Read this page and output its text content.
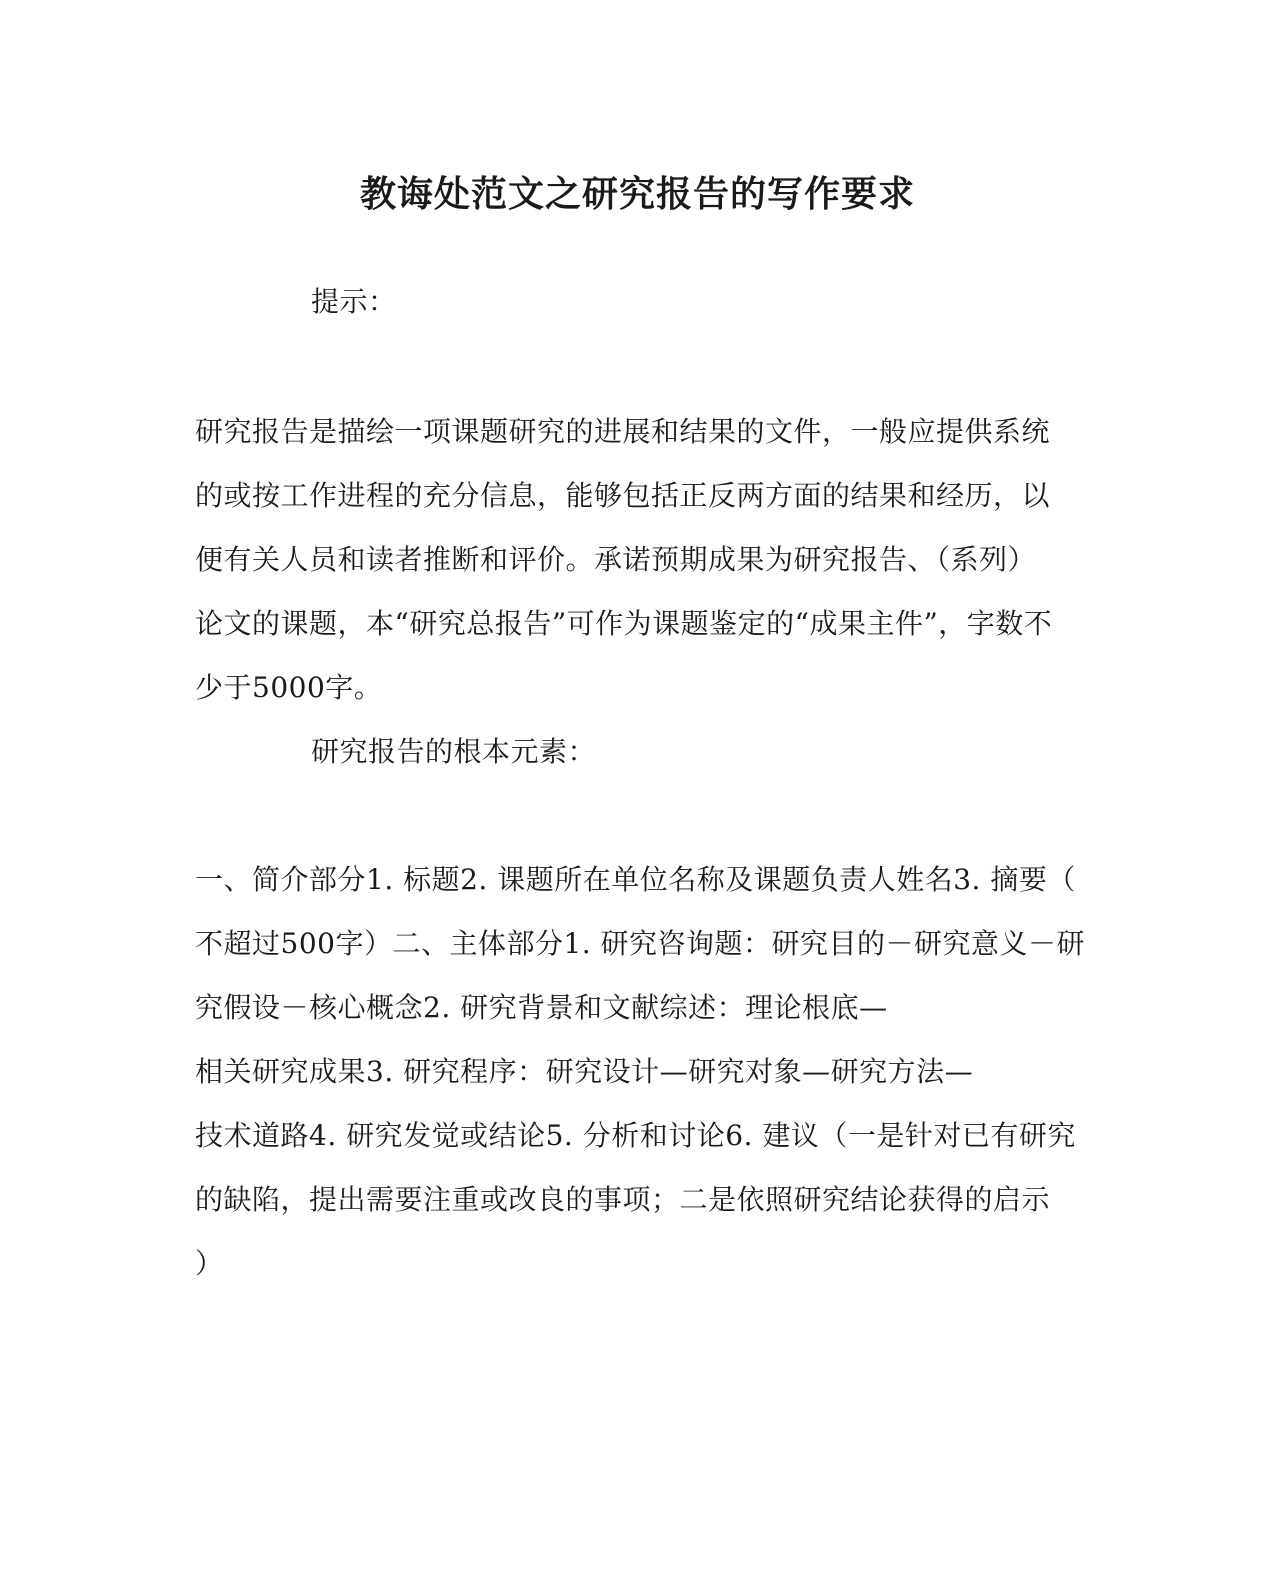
教诲处范文之研究报告的写作要求
提示：
研究报告是描绘一项课题研究的进展和结果的文件，一般应提供系统
的或按工作进程的充分信息，能够包括正反两方面的结果和经历，以
便有关人员和读者推断和评价。承诺预期成果为研究报告、（系列）
论文的课题，本“研究总报告”可作为课题鉴定的“成果主件”，字数不
少于5000字。
研究报告的根本元素：
一、简介部分1. 标题2. 课题所在单位名称及课题负责人姓名3. 摘要（
不超过500字）二、主体部分1. 研究咨询题：研究目的－研究意义－研
究假设－核心概念2. 研究背景和文献综述：理论根底—
相关研究成果3. 研究程序：研究设计—研究对象—研究方法—
技术道路4. 研究发觉或结论5. 分析和讨论6. 建议（一是针对已有研究
的缺陷，提出需要注重或改良的事项；二是依照研究结论获得的启示
）
